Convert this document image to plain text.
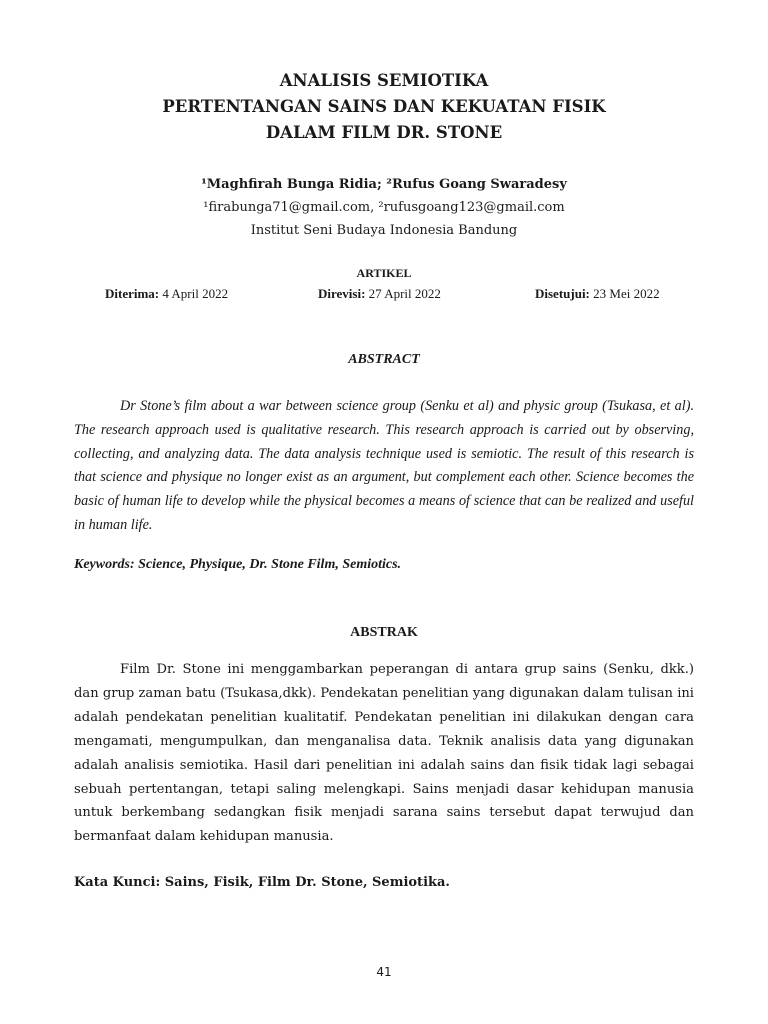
ANALISIS SEMIOTIKA
PERTENTANGAN SAINS DAN KEKUATAN FISIK
DALAM FILM DR. STONE
¹Maghfirah Bunga Ridia; ²Rufus Goang Swaradesy
¹firabunga71@gmail.com, ²rufusgoang123@gmail.com
Institut Seni Budaya Indonesia Bandung
ARTIKEL
Diterima: 4 April 2022	Direvisi: 27 April 2022	Disetujui: 23 Mei 2022
ABSTRACT

Dr Stone’s film about a war between science group (Senku et al) and physic group (Tsukasa, et al). The research approach used is qualitative research. This research approach is carried out by observing, collecting, and analyzing data. The data analysis technique used is semiotic. The result of this research is that science and physique no longer exist as an argument, but complement each other. Science becomes the basic of human life to develop while the physical becomes a means of science that can be realized and useful in human life.

Keywords: Science, Physique, Dr. Stone Film, Semiotics.
ABSTRAK

Film Dr. Stone ini menggambarkan peperangan di antara grup sains (Senku, dkk.) dan grup zaman batu (Tsukasa,dkk). Pendekatan penelitian yang digunakan dalam tulisan ini adalah pendekatan penelitian kualitatif. Pendekatan penelitian ini dilakukan dengan cara mengamati, mengumpulkan, dan menganalisa data. Teknik analisis data yang digunakan adalah analisis semiotika. Hasil dari penelitian ini adalah sains dan fisik tidak lagi sebagai sebuah pertentangan, tetapi saling melengkapi. Sains menjadi dasar kehidupan manusia untuk berkembang sedangkan fisik menjadi sarana sains tersebut dapat terwujud dan bermanfaat dalam kehidupan manusia.

Kata Kunci: Sains, Fisik, Film Dr. Stone, Semiotika.
41
